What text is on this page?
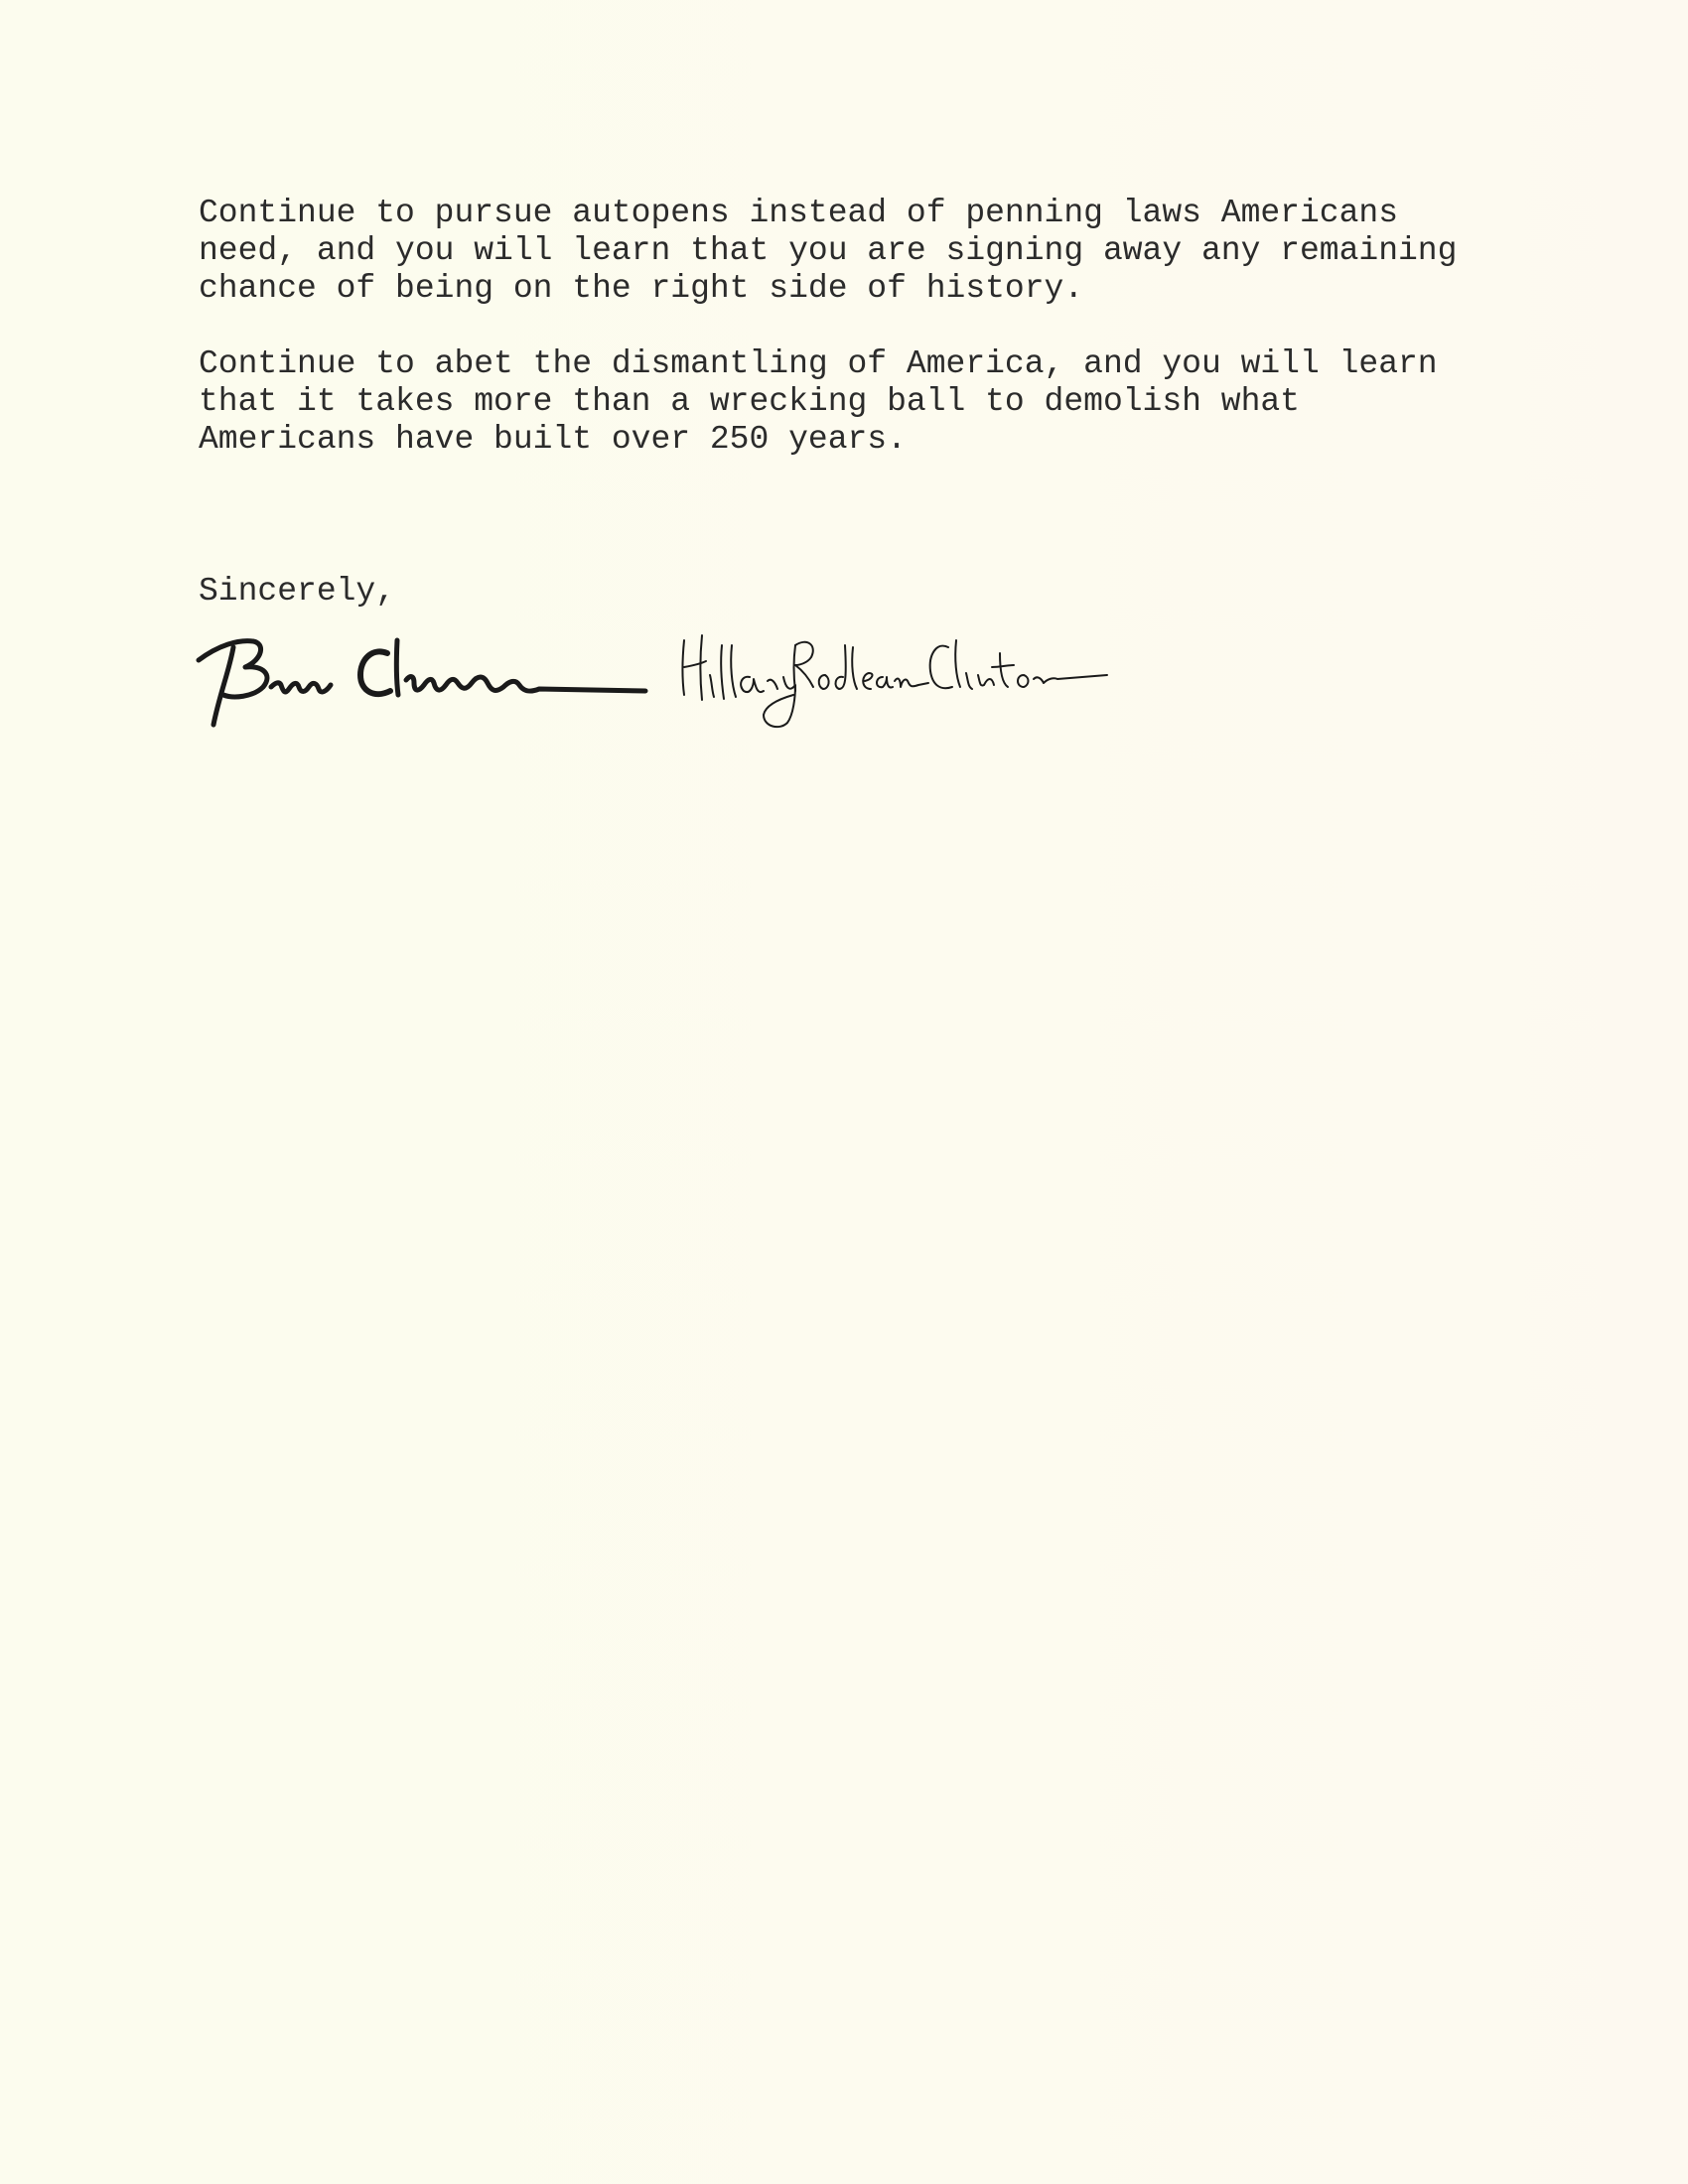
Continue to pursue autopens instead of penning laws Americans
need, and you will learn that you are signing away any remaining
chance of being on the right side of history.

Continue to abet the dismantling of America, and you will learn
that it takes more than a wrecking ball to demolish what
Americans have built over 250 years.

Sincerely,
